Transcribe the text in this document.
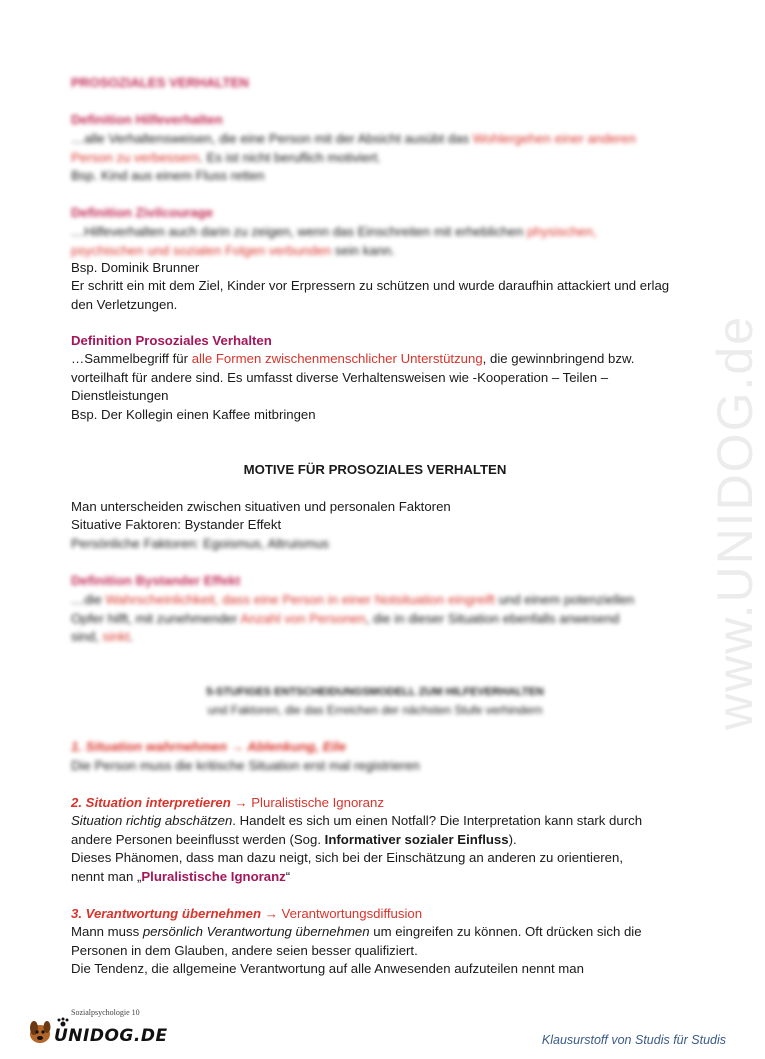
www.UNIDOG.de
PROSOZIALES VERHALTEN
Definition Hilfeverhalten
…alle Verhaltensweisen, die eine Person mit der Absicht ausübt das Wohlergehen einer anderen
Person zu verbessern. Es ist nicht beruflich motiviert.
Bsp. Kind aus einem Fluss retten
Definition Zivilcourage
…Hilfeverhalten auch darin zu zeigen, wenn das Einschreiten mit erheblichen physischen,
psychischen und sozialen Folgen verbunden sein kann.
Bsp. Dominik Brunner
Er schritt ein mit dem Ziel, Kinder vor Erpressern zu schützen und wurde daraufhin attackiert und erlag den Verletzungen.
Definition Prosoziales Verhalten
…Sammelbegriff für alle Formen zwischenmenschlicher Unterstützung, die gewinnbringend bzw. vorteilhaft für andere sind. Es umfasst diverse Verhaltensweisen wie -Kooperation – Teilen – Dienstleistungen
Bsp. Der Kollegin einen Kaffee mitbringen
MOTIVE FÜR PROSOZIALES VERHALTEN
Man unterscheiden zwischen situativen und personalen Faktoren
Situative Faktoren: Bystander Effekt
Persönliche Faktoren: Egoismus, Altruismus
Definition Bystander Effekt
…die Wahrscheinlichkeit, dass eine Person in einer Notsituation eingreift und einem potenziellen
Opfer hilft, mit zunehmender Anzahl von Personen, die in dieser Situation ebenfalls anwesend
sind, sinkt.
5-STUFIGES ENTSCHEIDUNGSMODELL ZUM HILFEVERHALTEN
und Faktoren, die das Erreichen der nächsten Stufe verhindern
1. Situation wahrnehmen → Ablenkung, Eile
Die Person muss die kritische Situation erst mal registrieren
2. Situation interpretieren → Pluralistische Ignoranz
Situation richtig abschätzen. Handelt es sich um einen Notfall? Die Interpretation kann stark durch
andere Personen beeinflusst werden (Sog. Informativer sozialer Einfluss).
Dieses Phänomen, dass man dazu neigt, sich bei der Einschätzung an anderen zu orientieren,
nennt man „Pluralistische Ignoranz“
3. Verantwortung übernehmen → Verantwortungsdiffusion
Mann muss persönlich Verantwortung übernehmen um eingreifen zu können. Oft drücken sich die
Personen in dem Glauben, andere seien besser qualifiziert.
Die Tendenz, die allgemeine Verantwortung auf alle Anwesenden aufzuteilen nennt man
Sozialpsychologie 10
UNIDOG.DE	Klausurstoff von Studis für Studis
